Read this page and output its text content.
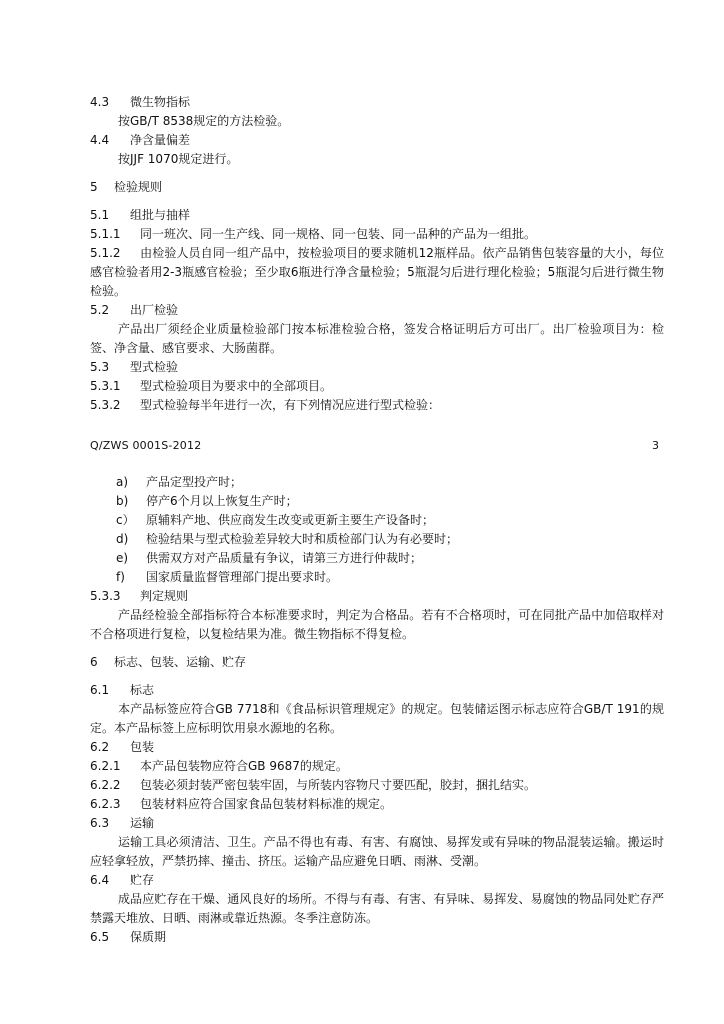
4.3 微生物指标
按GB/T 8538规定的方法检验。
4.4 净含量偏差
按JJF 1070规定进行。
5 检验规则
5.1 组批与抽样
5.1.1 同一班次、同一生产线、同一规格、同一包装、同一品种的产品为一组批。
5.1.2 由检验人员自同一组产品中，按检验项目的要求随机12瓶样品。依产品销售包装容量的大小，每位感官检验者用2-3瓶感官检验；至少取6瓶进行净含量检验；5瓶混匀后进行理化检验；5瓶混匀后进行微生物检验。
5.2 出厂检验
产品出厂须经企业质量检验部门按本标准检验合格，签发合格证明后方可出厂。出厂检验项目为：检签、净含量、感官要求、大肠菌群。
5.3 型式检验
5.3.1 型式检验项目为要求中的全部项目。
5.3.2 型式检验每半年进行一次，有下列情况应进行型式检验：
Q/ZWS 0001S-2012	3
a) 产品定型投产时；
b) 停产6个月以上恢复生产时；
c） 原辅料产地、供应商发生改变或更新主要生产设备时；
d) 检验结果与型式检验差异较大时和质检部门认为有必要时；
e) 供需双方对产品质量有争议，请第三方进行仲裁时；
f) 国家质量监督管理部门提出要求时。
5.3.3 判定规则
产品经检验全部指标符合本标准要求时，判定为合格品。若有不合格项时，可在同批产品中加倍取样对不合格项进行复检，以复检结果为准。微生物指标不得复检。
6 标志、包装、运输、贮存
6.1 标志
本产品标签应符合GB 7718和《食品标识管理规定》的规定。包装储运图示标志应符合GB/T 191的规定。本产品标签上应标明饮用泉水源地的名称。
6.2 包装
6.2.1 本产品包装物应符合GB 9687的规定。
6.2.2 包装必须封装严密包装牢固，与所装内容物尺寸要匹配，胶封，捆扎结实。
6.2.3 包装材料应符合国家食品包装材料标准的规定。
6.3 运输
运输工具必须清洁、卫生。产品不得也有毒、有害、有腐蚀、易挥发或有异味的物品混装运输。搬运时应轻拿轻放，严禁扔摔、撞击、挤压。运输产品应避免日晒、雨淋、受潮。
6.4 贮存
成品应贮存在干燥、通风良好的场所。不得与有毒、有害、有异味、易挥发、易腐蚀的物品同处贮存严禁露天堆放、日晒、雨淋或靠近热源。冬季注意防冻。
6.5 保质期
